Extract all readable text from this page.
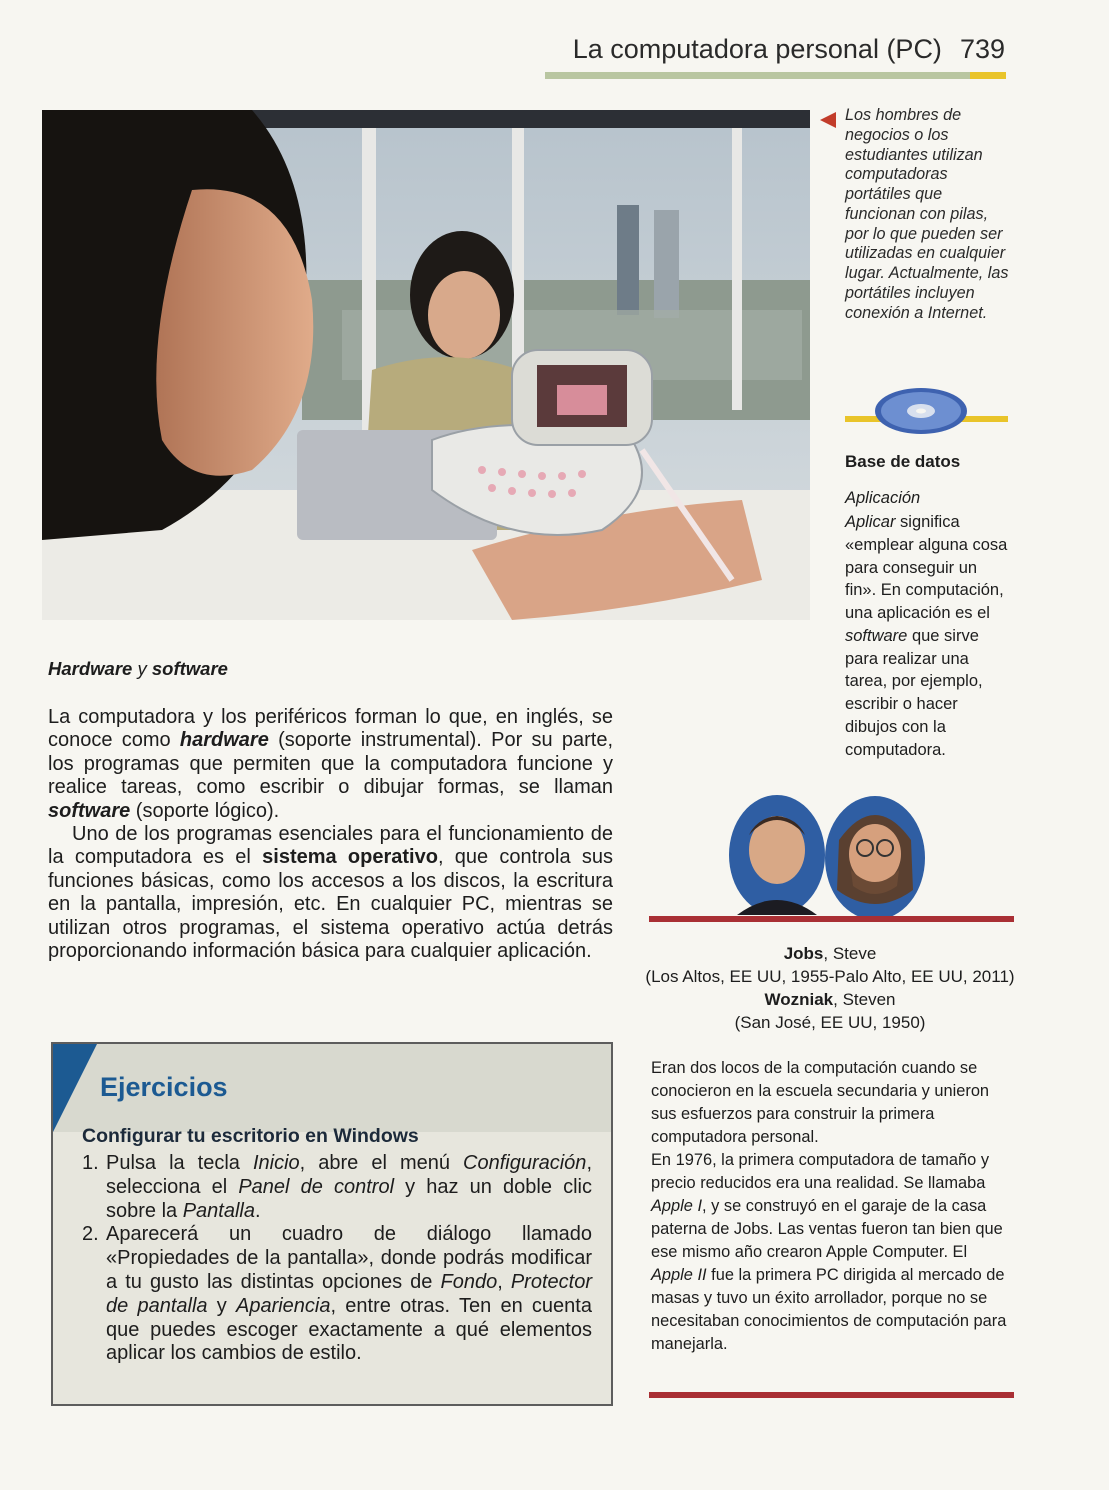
La computadora personal (PC) 739
Los hombres de negocios o los estudiantes utilizan computadoras portátiles que funcionan con pilas, por lo que pueden ser utilizadas en cualquier lugar. Actualmente, las portátiles incluyen conexión a Internet.
Base de datos
Aplicación
Aplicar significa «emplear alguna cosa para conseguir un fin». En computación, una aplicación es el software que sirve para realizar una tarea, por ejemplo, escribir o hacer dibujos con la computadora.
Hardware y software

La computadora y los periféricos forman lo que, en inglés, se conoce como hardware (soporte instrumental). Por su parte, los programas que permiten que la computadora funcione y realice tareas, como escribir o dibujar formas, se llaman software (soporte lógico).

Uno de los programas esenciales para el funcionamiento de la computadora es el sistema operativo, que controla sus funciones básicas, como los accesos a los discos, la escritura en la pantalla, impresión, etc. En cualquier PC, mientras se utilizan otros programas, el sistema operativo actúa detrás proporcionando información básica para cualquier aplicación.

Ejercicios
Configurar tu escritorio en Windows
1. Pulsa la tecla Inicio, abre el menú Configuración, selecciona el Panel de control y haz un doble clic sobre la Pantalla.
2. Aparecerá un cuadro de diálogo llamado «Propiedades de la pantalla», donde podrás modificar a tu gusto las distintas opciones de Fondo, Protector de pantalla y Apariencia, entre otras. Ten en cuenta que puedes escoger exactamente a qué elementos aplicar los cambios de estilo.
Jobs, Steve
(Los Altos, EE UU, 1955-Palo Alto, EE UU, 2011)
Wozniak, Steven
(San José, EE UU, 1950)
Eran dos locos de la computación cuando se conocieron en la escuela secundaria y unieron sus esfuerzos para construir la primera computadora personal.
En 1976, la primera computadora de tamaño y precio reducidos era una realidad. Se llamaba Apple I, y se construyó en el garaje de la casa paterna de Jobs. Las ventas fueron tan bien que ese mismo año crearon Apple Computer. El Apple II fue la primera PC dirigida al mercado de masas y tuvo un éxito arrollador, porque no se necesitaban conocimientos de computación para manejarla.
